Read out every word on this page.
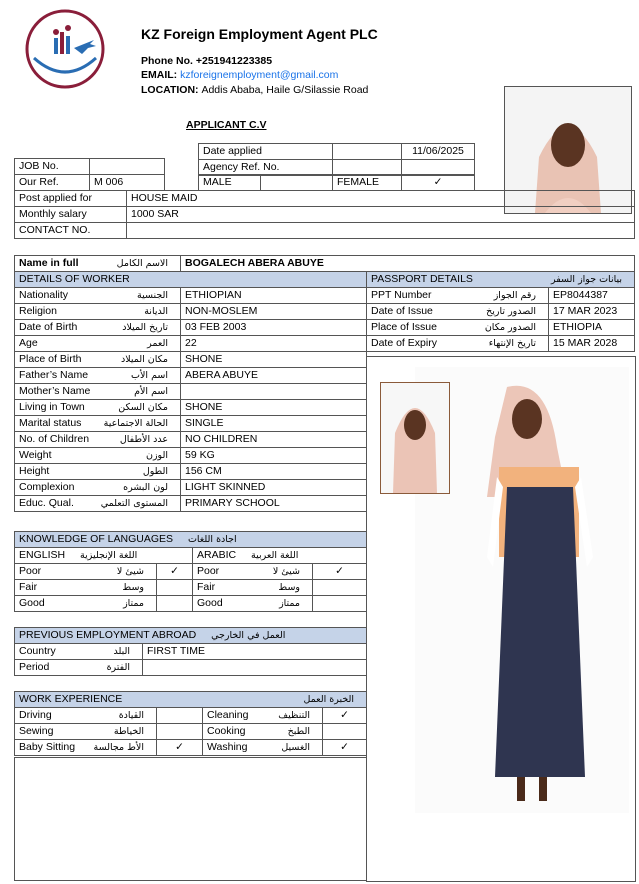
KZ Foreign Employment Agent PLC
Phone No. +251941223385
EMAIL: kzforeignemployment@gmail.com
LOCATION: Addis Ababa, Haile G/Silassie Road
APPLICANT C.V
Date applied		11/06/2025
Agency Ref. No.		
JOB No.	
Our Ref.	M 006	MALE		FEMALE	✓
Post applied for	HOUSE MAID
Monthly salary	1000 SAR
CONTACT NO.	
Name in full	الاسم الكامل	BOGALECH ABERA ABUYE
DETAILS OF WORKER	
Nationality الجنسية	ETHIOPIAN
Religion الديانة	NON-MOSLEM
Date of Birth تاريخ الميلاد	03 FEB 2003
Age العمر	22
Place of Birth مكان الميلاد	SHONE
Father’s Name اسم الأب	ABERA ABUYE
Mother’s Name اسم الأم	

Living in Town مكان السكن	SHONE
Marital status الحالة الاجتماعية	SINGLE
No. of Children عدد الأطفال	NO CHILDREN
Weight الوزن	59 KG
Height الطول	156 CM
Complexion لون البشره	LIGHT SKINNED
Educ. Qual. المستوى التعلمي	PRIMARY SCHOOL
PASSPORT DETAILS بيانات جواز السفر	

PPT Number رقم الجواز	EP8044387
Date of Issue الصدور تاريخ	17 MAR 2023
Place of Issue الصدور مكان	ETHIOPIA
Date of Expiry تاريخ الإنتهاء	15 MAR 2028
KNOWLEDGE OF LANGUAGES اجادة اللغات			
ENGLISH اللغة الإنجليزية		ARABIC اللغة العربية	
Poor شيئ لا	✓	Poor شيئ لا	✓
Fair وسط		Fair وسط	

Good ممتاز		Good ممتاز	

PREVIOUS EMPLOYMENT ABROAD العمل في الخارجي	
Country البلد	FIRST TIME
Period الفترة	

WORK EXPERIENCE الخبرة العمل			

Driving القيادة		Cleaning التنظيف	✓
Sewing الخياطة		Cooking الطبخ	

Baby Sitting الأط مجالسة	✓	Washing الغسيل	✓
